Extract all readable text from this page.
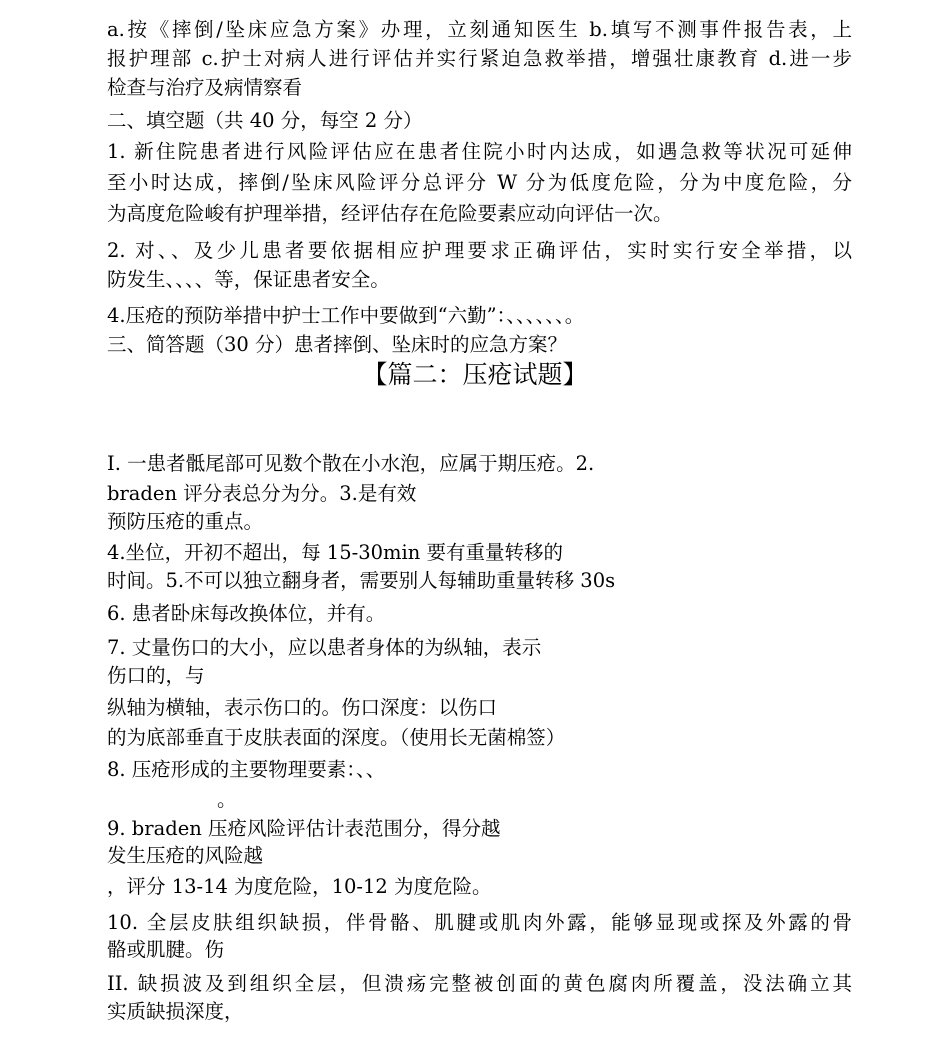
a.按《摔倒/坠床应急方案》办理，立刻通知医生 b.填写不测事件报告表，上
报护理部 c.护士对病人进行评估并实行紧迫急救举措，增强壮康教育 d.进一步
检查与治疗及病情察看
二、填空题（共 40 分，每空 2 分）
1. 新住院患者进行风险评估应在患者住院小时内达成，如遇急救等状况可延伸
至小时达成，摔倒/坠床风险评分总评分 W 分为低度危险，分为中度危险，分
为高度危险峻有护理举措，经评估存在危险要素应动向评估一次。
2. 对、、及少儿患者要依据相应护理要求正确评估，实时实行安全举措，以
防发生、、、、等，保证患者安全。
4.压疮的预防举措中护士工作中要做到“六勤”：、、、、、、。
三、简答题（30 分）患者摔倒、坠床时的应急方案？
【篇二：压疮试题】
I. 一患者骶尾部可见数个散在小水泡，应属于期压疮。2.
braden 评分表总分为分。3.是有效
预防压疮的重点。
4.坐位，开初不超出，每 15-30min 要有重量转移的
时间。5.不可以独立翻身者，需要别人每辅助重量转移 30s
6. 患者卧床每改换体位，并有。
7. 丈量伤口的大小，应以患者身体的为纵轴，表示
伤口的，与
纵轴为横轴，表示伤口的。伤口深度：以伤口
的为底部垂直于皮肤表面的深度。（使用长无菌棉签）
8. 压疮形成的主要物理要素：、、
。
9. braden 压疮风险评估计表范围分，得分越
发生压疮的风险越
，评分 13-14 为度危险，10-12 为度危险。
10. 全层皮肤组织缺损，伴骨骼、肌腱或肌肉外露，能够显现或探及外露的骨
骼或肌腱。伤
II. 缺损波及到组织全层，但溃疡完整被创面的黄色腐肉所覆盖，没法确立其
实质缺损深度，
